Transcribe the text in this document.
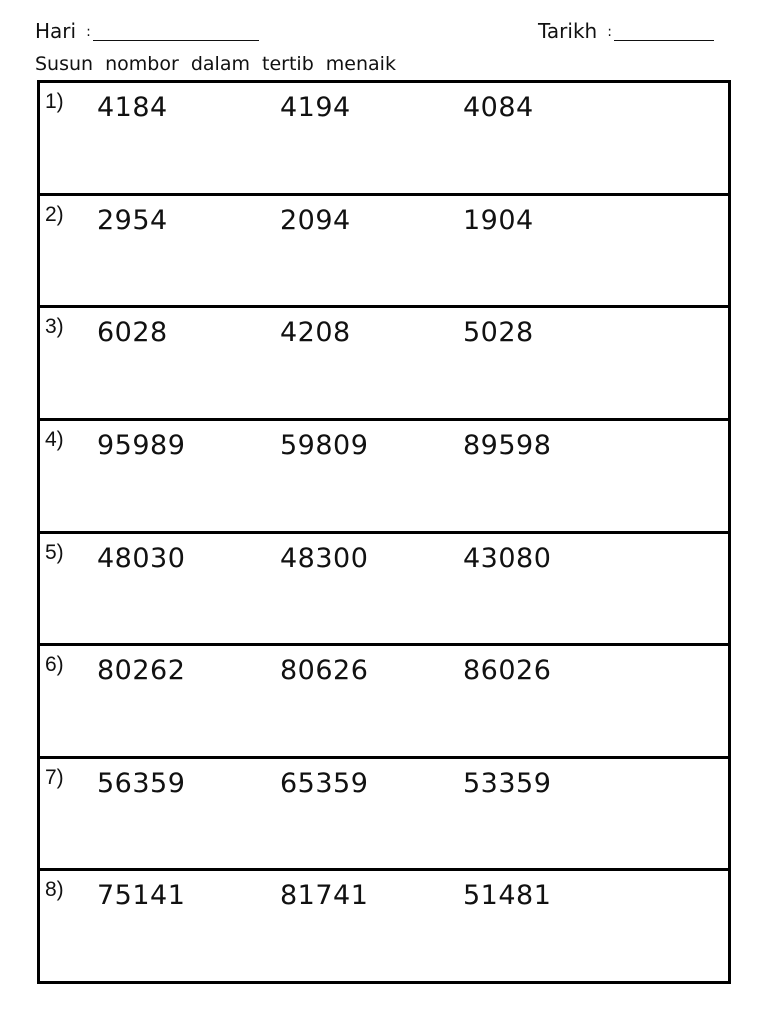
Hari :	Tarikh :
Susun nombor dalam tertib menaik
1) 4184	4194	4084
2) 2954	2094	1904
3) 6028	4208	5028
4) 95989	59809	89598
5) 48030	48300	43080
6) 80262	80626	86026
7) 56359	65359	53359
8) 75141	81741	51481
